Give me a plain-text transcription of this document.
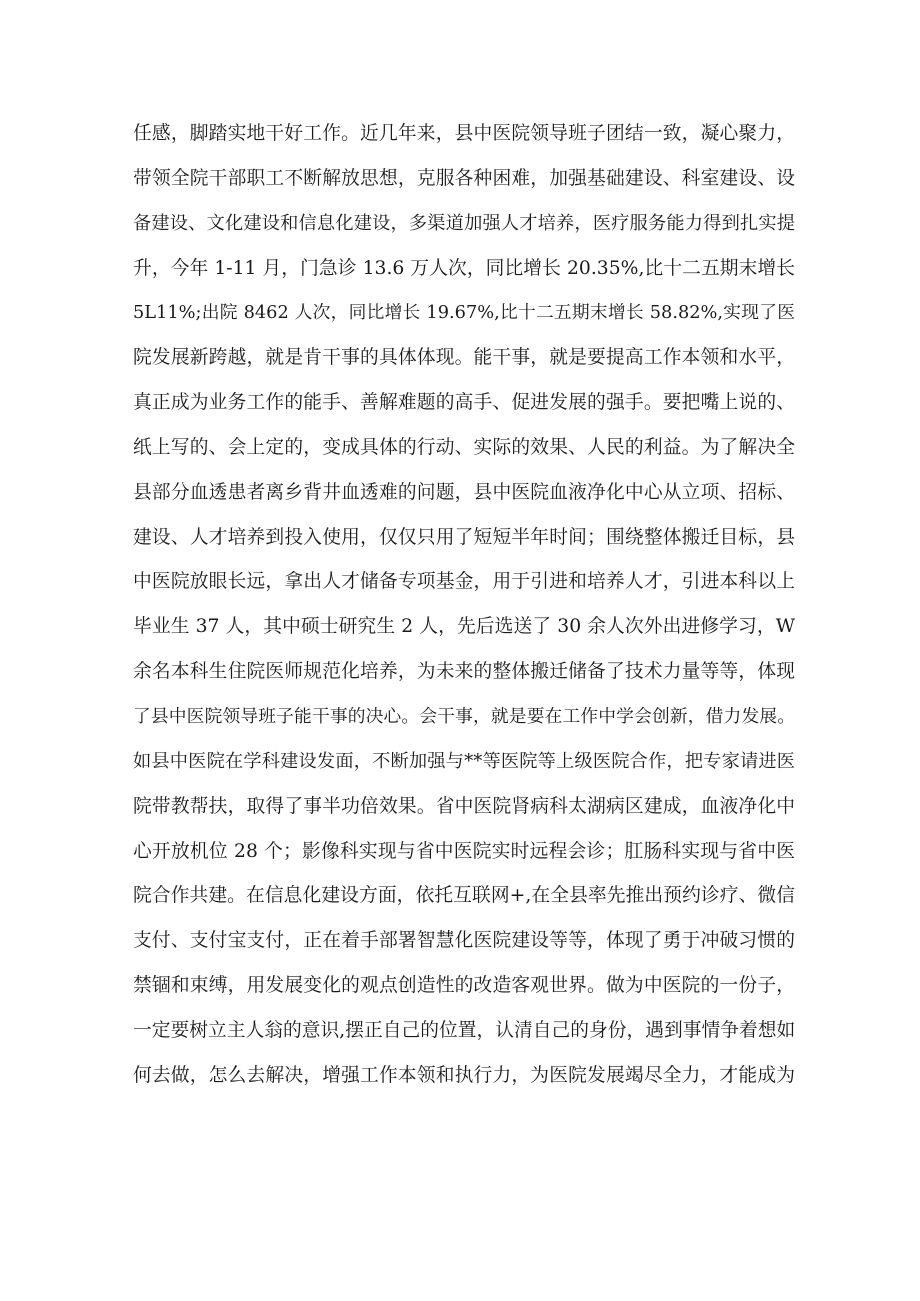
任感，脚踏实地干好工作。近几年来，县中医院领导班子团结一致，凝心聚力，
带领全院干部职工不断解放思想，克服各种困难，加强基础建设、科室建设、设
备建设、文化建设和信息化建设，多渠道加强人才培养，医疗服务能力得到扎实提
升，今年 1-11 月，门急诊 13.6 万人次，同比增长 20.35%,比十二五期末增长
5L11%;出院 8462 人次，同比增长 19.67%,比十二五期末增长 58.82%,实现了医
院发展新跨越，就是肯干事的具体体现。能干事，就是要提高工作本领和水平，
真正成为业务工作的能手、善解难题的高手、促进发展的强手。要把嘴上说的、
纸上写的、会上定的，变成具体的行动、实际的效果、人民的利益。为了解决全
县部分血透患者离乡背井血透难的问题，县中医院血液净化中心从立项、招标、
建设、人才培养到投入使用，仅仅只用了短短半年时间；围绕整体搬迁目标，县
中医院放眼长远，拿出人才储备专项基金，用于引进和培养人才，引进本科以上
毕业生 37 人，其中硕士研究生 2 人，先后选送了 30 余人次外出进修学习，W
余名本科生住院医师规范化培养，为未来的整体搬迁储备了技术力量等等，体现
了县中医院领导班子能干事的决心。会干事，就是要在工作中学会创新，借力发展。
如县中医院在学科建设发面，不断加强与**等医院等上级医院合作，把专家请进医
院带教帮扶，取得了事半功倍效果。省中医院肾病科太湖病区建成，血液净化中
心开放机位 28 个；影像科实现与省中医院实时远程会诊；肛肠科实现与省中医
院合作共建。在信息化建设方面，依托互联网+,在全县率先推出预约诊疗、微信
支付、支付宝支付，正在着手部署智慧化医院建设等等，体现了勇于冲破习惯的
禁锢和束缚，用发展变化的观点创造性的改造客观世界。做为中医院的一份子，
一定要树立主人翁的意识,摆正自己的位置，认清自己的身份，遇到事情争着想如
何去做，怎么去解决，增强工作本领和执行力，为医院发展竭尽全力，才能成为
